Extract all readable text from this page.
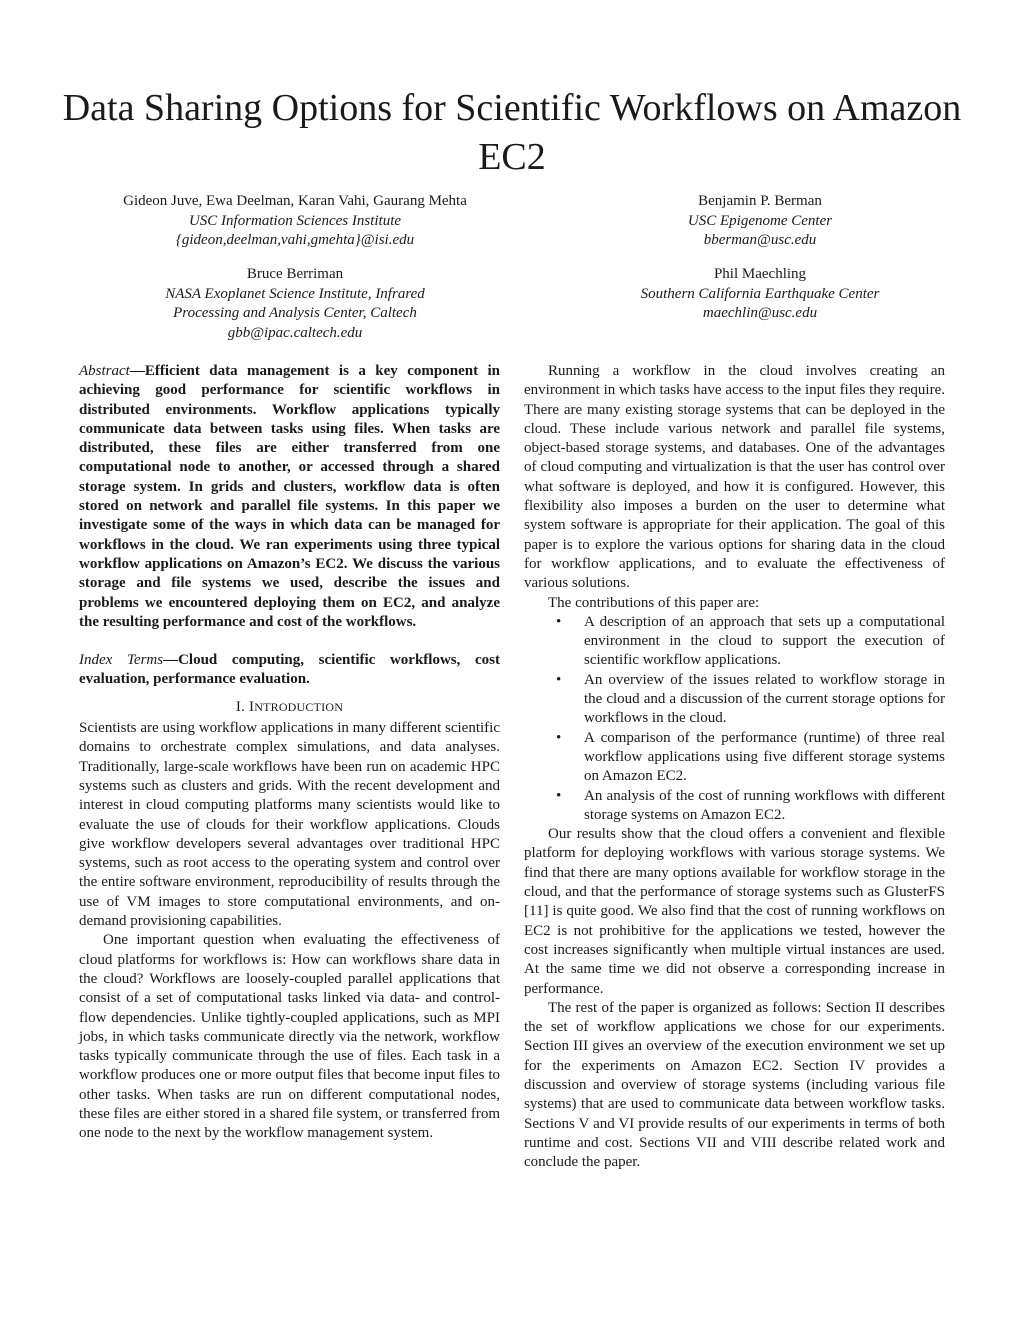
Data Sharing Options for Scientific Workflows on Amazon EC2
Gideon Juve, Ewa Deelman, Karan Vahi, Gaurang Mehta
USC Information Sciences Institute
{gideon,deelman,vahi,gmehta}@isi.edu
Benjamin P. Berman
USC Epigenome Center
bberman@usc.edu
Bruce Berriman
NASA Exoplanet Science Institute, Infrared
Processing and Analysis Center, Caltech
gbb@ipac.caltech.edu
Phil Maechling
Southern California Earthquake Center
maechlin@usc.edu

Abstract—Efficient data management is a key component in achieving good performance for scientific workflows in distributed environments. Workflow applications typically communicate data between tasks using files. When tasks are distributed, these files are either transferred from one computational node to another, or accessed through a shared storage system. In grids and clusters, workflow data is often stored on network and parallel file systems. In this paper we investigate some of the ways in which data can be managed for workflows in the cloud. We ran experiments using three typical workflow applications on Amazon’s EC2. We discuss the various storage and file systems we used, describe the issues and problems we encountered deploying them on EC2, and analyze the resulting performance and cost of the workflows.

Index Terms—Cloud computing, scientific workflows, cost evaluation, performance evaluation.

I. INTRODUCTION

Scientists are using workflow applications in many different scientific domains to orchestrate complex simulations, and data analyses. Traditionally, large-scale workflows have been run on academic HPC systems such as clusters and grids. With the recent development and interest in cloud computing platforms many scientists would like to evaluate the use of clouds for their workflow applications. Clouds give workflow developers several advantages over traditional HPC systems, such as root access to the operating system and control over the entire software environment, reproducibility of results through the use of VM images to store computational environments, and on-demand provisioning capabilities.

One important question when evaluating the effectiveness of cloud platforms for workflows is: How can workflows share data in the cloud? Workflows are loosely-coupled parallel applications that consist of a set of computational tasks linked via data- and control-flow dependencies. Unlike tightly-coupled applications, such as MPI jobs, in which tasks communicate directly via the network, workflow tasks typically communicate through the use of files. Each task in a workflow produces one or more output files that become input files to other tasks. When tasks are run on different computational nodes, these files are either stored in a shared file system, or transferred from one node to the next by the workflow management system.

Running a workflow in the cloud involves creating an environment in which tasks have access to the input files they require. There are many existing storage systems that can be deployed in the cloud. These include various network and parallel file systems, object-based storage systems, and databases. One of the advantages of cloud computing and virtualization is that the user has control over what software is deployed, and how it is configured. However, this flexibility also imposes a burden on the user to determine what system software is appropriate for their application. The goal of this paper is to explore the various options for sharing data in the cloud for workflow applications, and to evaluate the effectiveness of various solutions.

The contributions of this paper are:

• A description of an approach that sets up a computational environment in the cloud to support the execution of scientific workflow applications.
• An overview of the issues related to workflow storage in the cloud and a discussion of the current storage options for workflows in the cloud.
• A comparison of the performance (runtime) of three real workflow applications using five different storage systems on Amazon EC2.
• An analysis of the cost of running workflows with different storage systems on Amazon EC2.

Our results show that the cloud offers a convenient and flexible platform for deploying workflows with various storage systems. We find that there are many options available for workflow storage in the cloud, and that the performance of storage systems such as GlusterFS [11] is quite good. We also find that the cost of running workflows on EC2 is not prohibitive for the applications we tested, however the cost increases significantly when multiple virtual instances are used. At the same time we did not observe a corresponding increase in performance.

The rest of the paper is organized as follows: Section II describes the set of workflow applications we chose for our experiments. Section III gives an overview of the execution environment we set up for the experiments on Amazon EC2. Section IV provides a discussion and overview of storage systems (including various file systems) that are used to communicate data between workflow tasks. Sections V and VI provide results of our experiments in terms of both runtime and cost. Sections VII and VIII describe related work and conclude the paper.
